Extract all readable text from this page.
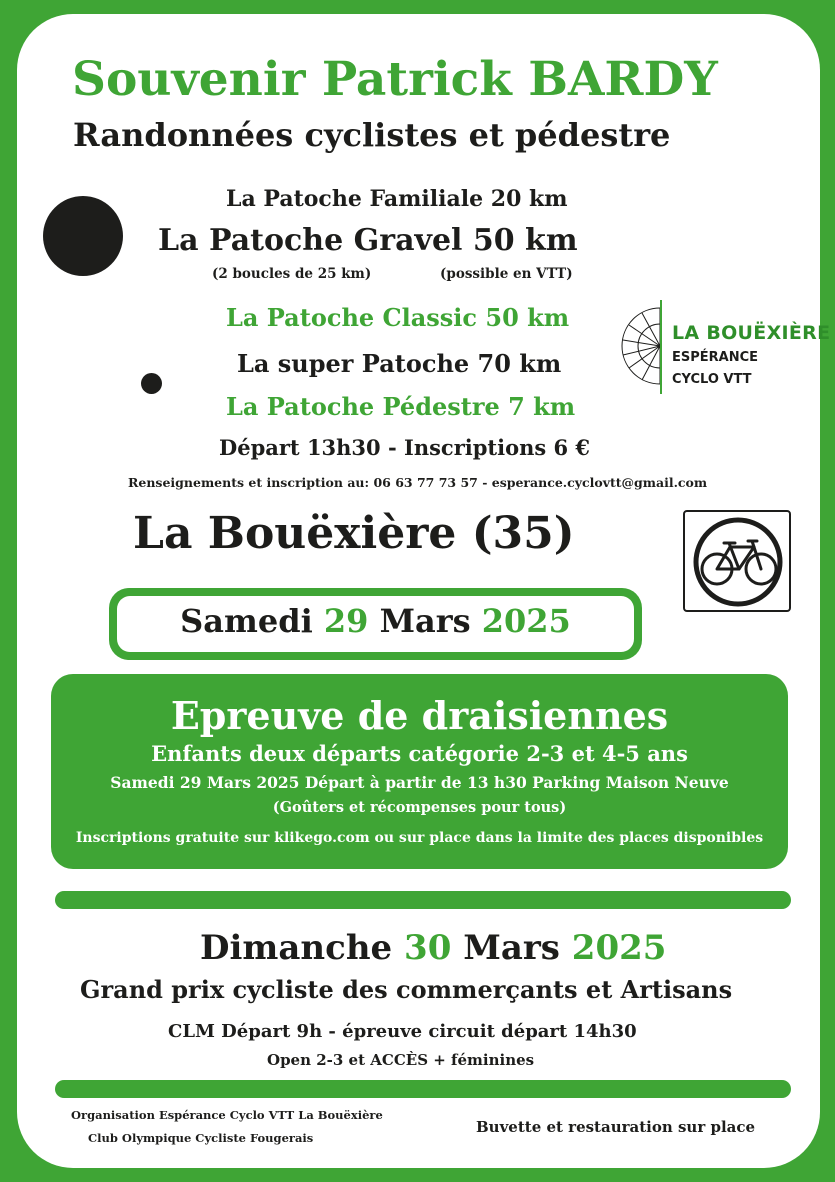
Souvenir Patrick BARDY
Randonnées cyclistes et pédestre
La Patoche Familiale 20 km
La Patoche Gravel 50 km
(2 boucles de 25 km)	(possible en VTT)
La Patoche Classic 50 km
La super Patoche 70 km
La Patoche Pédestre 7 km
Départ 13h30 - Inscriptions 6 €
LA BOUËXIÈRE
ESPÉRANCE
CYCLO VTT
Renseignements et inscription au: 06 63 77 73 57 - esperance.cyclovtt@gmail.com
La Bouëxière (35)
Samedi 29 Mars 2025
Epreuve de draisiennes
Enfants deux départs catégorie 2-3 et 4-5 ans
Samedi 29 Mars 2025 Départ à partir de 13 h30 Parking Maison Neuve
(Goûters et récompenses pour tous)
Inscriptions gratuite sur klikego.com ou sur place dans la limite des places disponibles
Dimanche 30 Mars 2025
Grand prix cycliste des commerçants et Artisans
CLM Départ 9h - épreuve circuit départ 14h30
Open 2-3 et ACCÈS + féminines
Organisation Espérance Cyclo VTT La Bouëxière
Club Olympique Cycliste Fougerais
Buvette et restauration sur place
